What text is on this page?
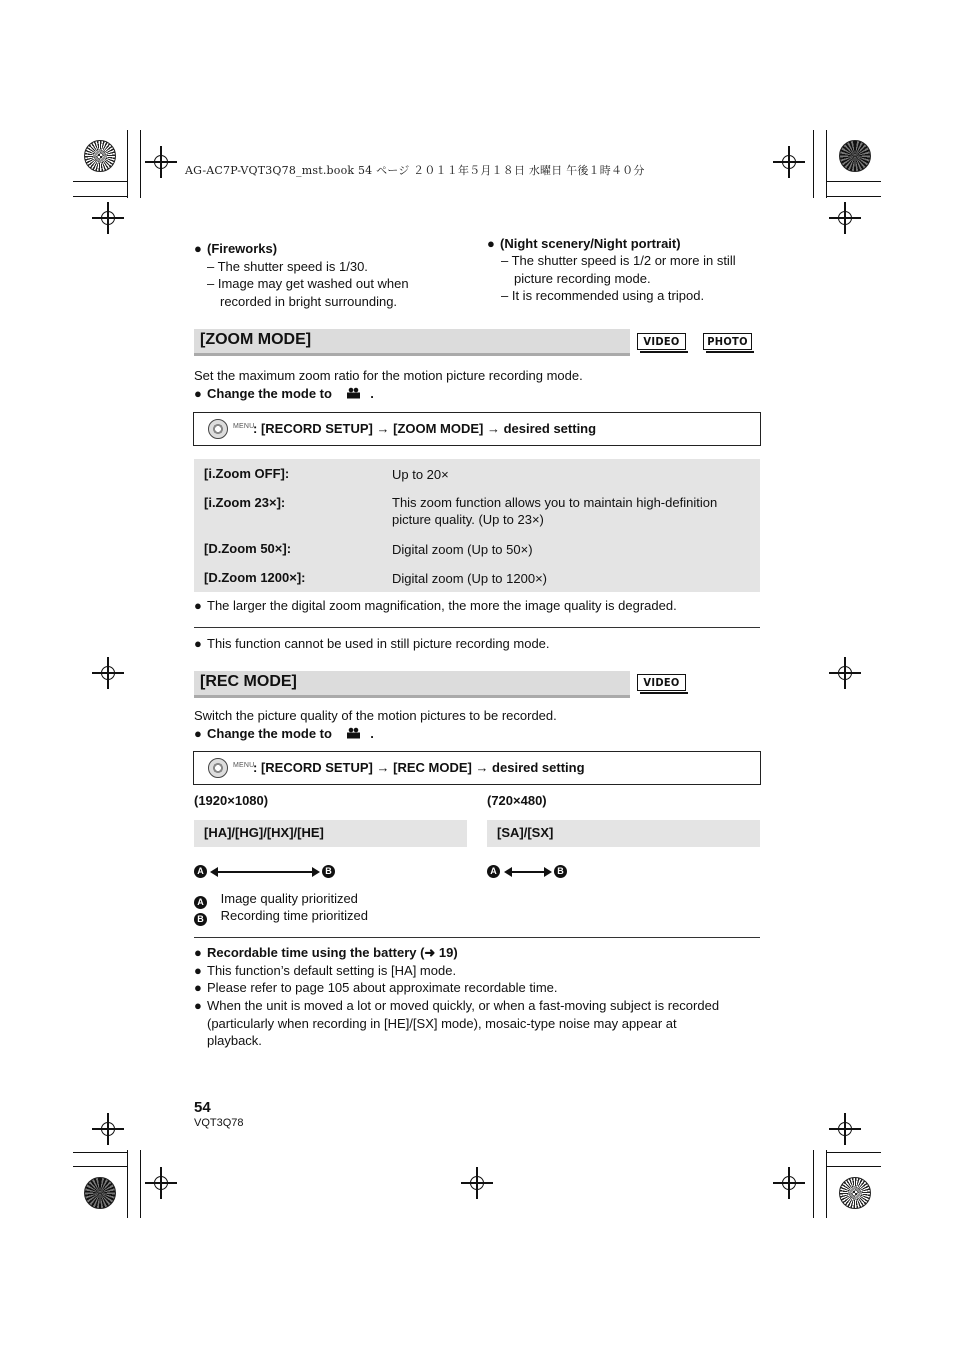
AG-AC7P-VQT3Q78_mst.book 54 ページ ２０１１年５月１８日 水曜日 午後１時４０分
● (Fireworks)
– The shutter speed is 1/30.
– Image may get washed out when
recorded in bright surrounding.
● (Night scenery/Night portrait)
– The shutter speed is 1/2 or more in still
picture recording mode.
– It is recommended using a tripod.
[ZOOM MODE]	VIDEO	PHOTO
Set the maximum zoom ratio for the motion picture recording mode.
● Change the mode to	.
MENU
: [RECORD SETUP] → [ZOOM MODE] → desired setting
[i.Zoom OFF]:	Up to 20×
[i.Zoom 23×]:	This zoom function allows you to maintain high-definition picture quality. (Up to 23×)
[D.Zoom 50×]:	Digital zoom (Up to 50×)
[D.Zoom 1200×]:	Digital zoom (Up to 1200×)
● The larger the digital zoom magnification, the more the image quality is degraded.
● This function cannot be used in still picture recording mode.
[REC MODE]	VIDEO
Switch the picture quality of the motion pictures to be recorded.
● Change the mode to	.
MENU
: [RECORD SETUP] → [REC MODE] → desired setting
(1920×1080)	(720×480)
[HA]/[HG]/[HX]/[HE]	[SA]/[SX]
A	B	A	B
A Image quality prioritized
B Recording time prioritized
● Recordable time using the battery (➜ 19)
● This function’s default setting is [HA] mode.
● Please refer to page 105 about approximate recordable time.
● When the unit is moved a lot or moved quickly, or when a fast-moving subject is recorded
(particularly when recording in [HE]/[SX] mode), mosaic-type noise may appear at
playback.
54
VQT3Q78
